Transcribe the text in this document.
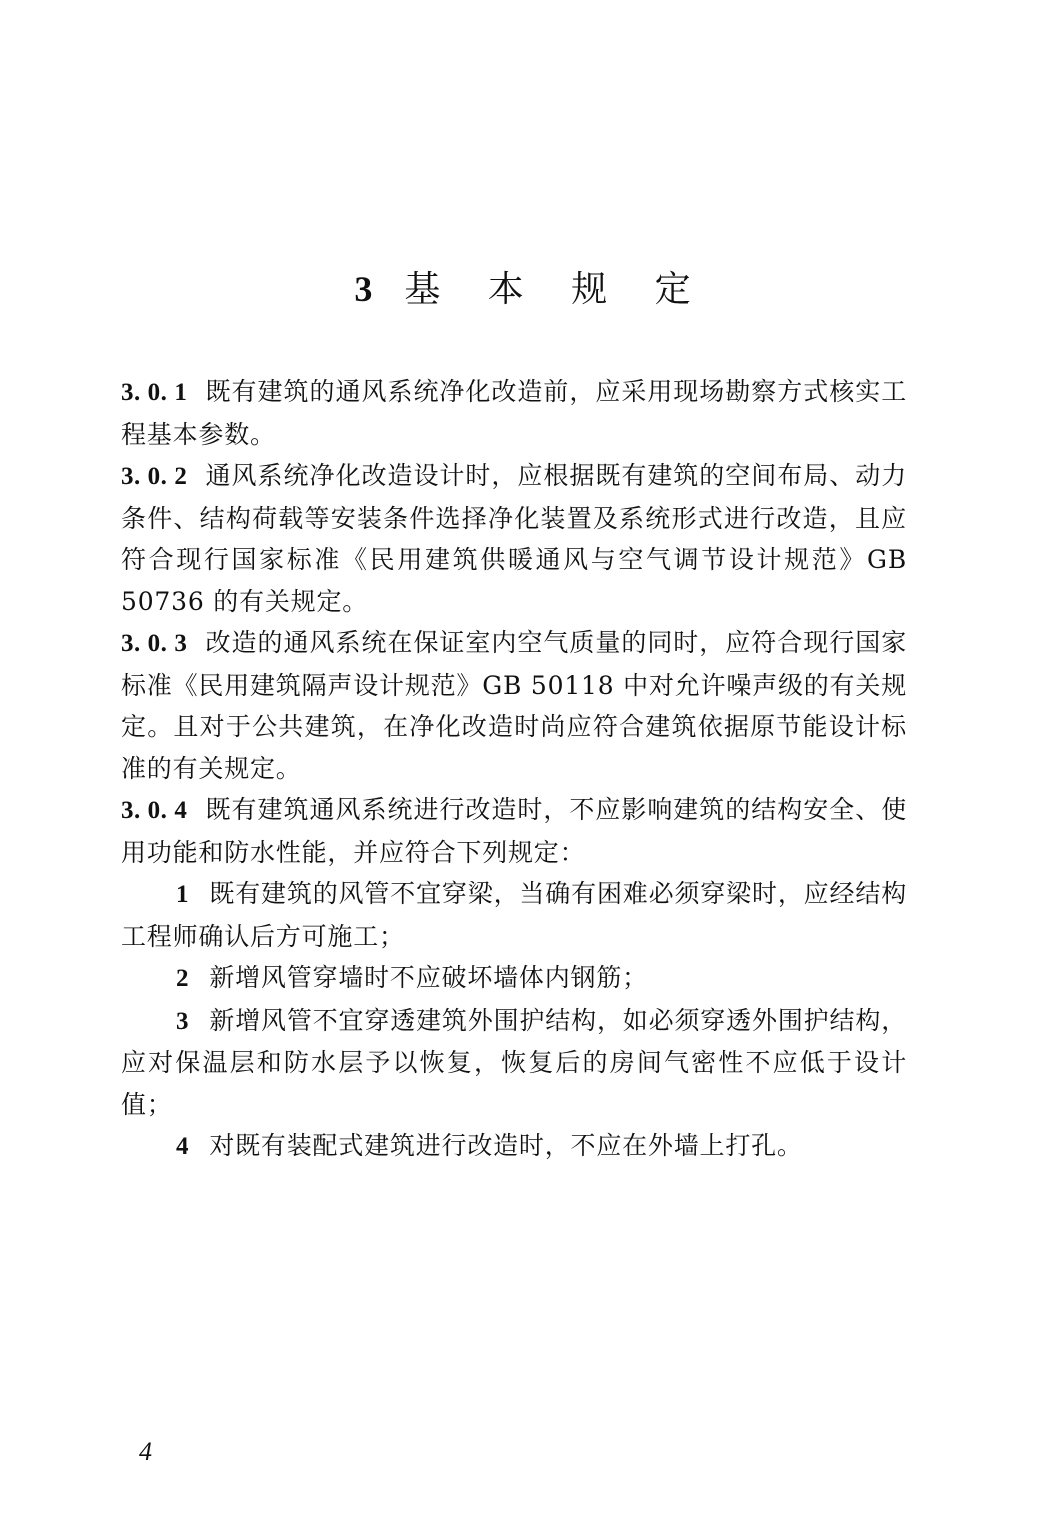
3 基 本 规 定

3. 0. 1 既有建筑的通风系统净化改造前，应采用现场勘察方式核实工程基本参数。

3. 0. 2 通风系统净化改造设计时，应根据既有建筑的空间布局、动力条件、结构荷载等安装条件选择净化装置及系统形式进行改造，且应符合现行国家标准《民用建筑供暖通风与空气调节设计规范》GB 50736 的有关规定。

3. 0. 3 改造的通风系统在保证室内空气质量的同时，应符合现行国家标准《民用建筑隔声设计规范》GB 50118 中对允许噪声级的有关规定。且对于公共建筑，在净化改造时尚应符合建筑依据原节能设计标准的有关规定。

3. 0. 4 既有建筑通风系统进行改造时，不应影响建筑的结构安全、使用功能和防水性能，并应符合下列规定：

1 既有建筑的风管不宜穿梁，当确有困难必须穿梁时，应经结构工程师确认后方可施工；

2 新增风管穿墙时不应破坏墙体内钢筋；

3 新增风管不宜穿透建筑外围护结构，如必须穿透外围护结构，应对保温层和防水层予以恢复，恢复后的房间气密性不应低于设计值；

4 对既有装配式建筑进行改造时，不应在外墙上打孔。

4
